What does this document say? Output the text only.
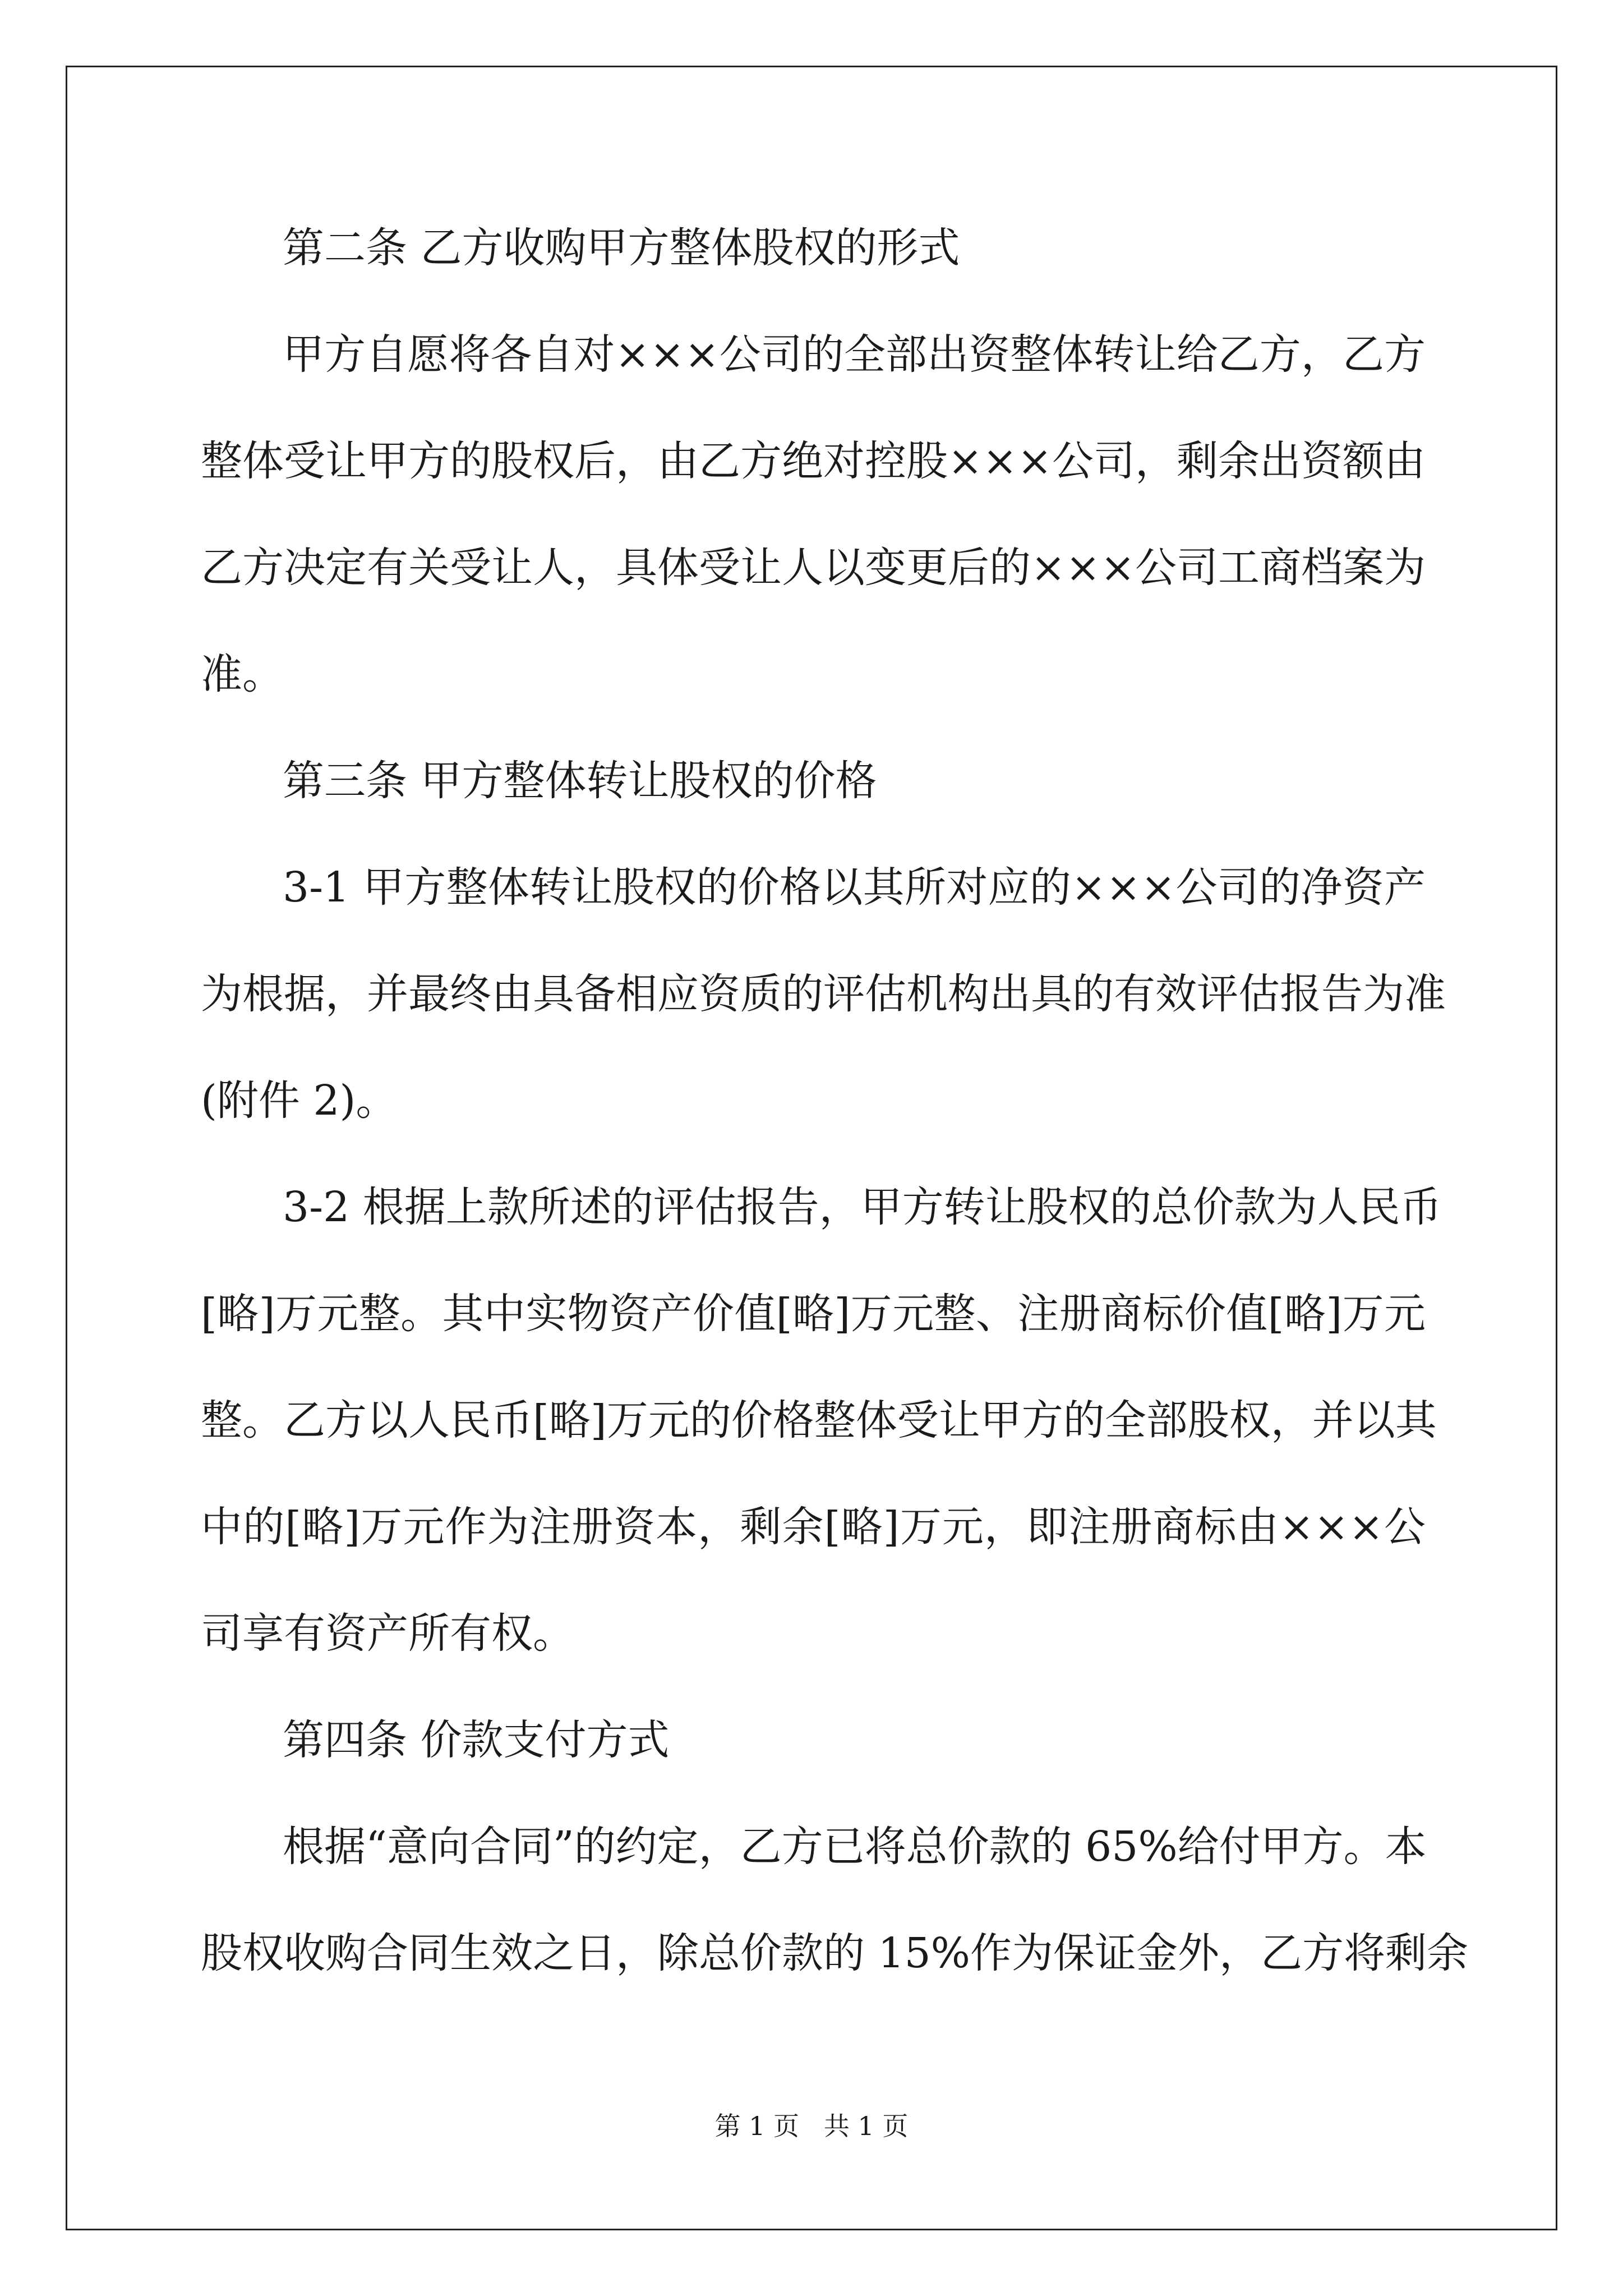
第二条 乙方收购甲方整体股权的形式
甲方自愿将各自对×××公司的全部出资整体转让给乙方，乙方
整体受让甲方的股权后，由乙方绝对控股×××公司，剩余出资额由
乙方决定有关受让人，具体受让人以变更后的×××公司工商档案为
准。
第三条 甲方整体转让股权的价格
3-1 甲方整体转让股权的价格以其所对应的×××公司的净资产
为根据，并最终由具备相应资质的评估机构出具的有效评估报告为准
(附件 2)。
3-2 根据上款所述的评估报告，甲方转让股权的总价款为人民币
[略]万元整。其中实物资产价值[略]万元整、注册商标价值[略]万元
整。乙方以人民币[略]万元的价格整体受让甲方的全部股权，并以其
中的[略]万元作为注册资本，剩余[略]万元，即注册商标由×××公
司享有资产所有权。
第四条 价款支付方式
根据“意向合同”的约定，乙方已将总价款的 65%给付甲方。本
股权收购合同生效之日，除总价款的 15%作为保证金外，乙方将剩余
第 1 页   共 1 页
